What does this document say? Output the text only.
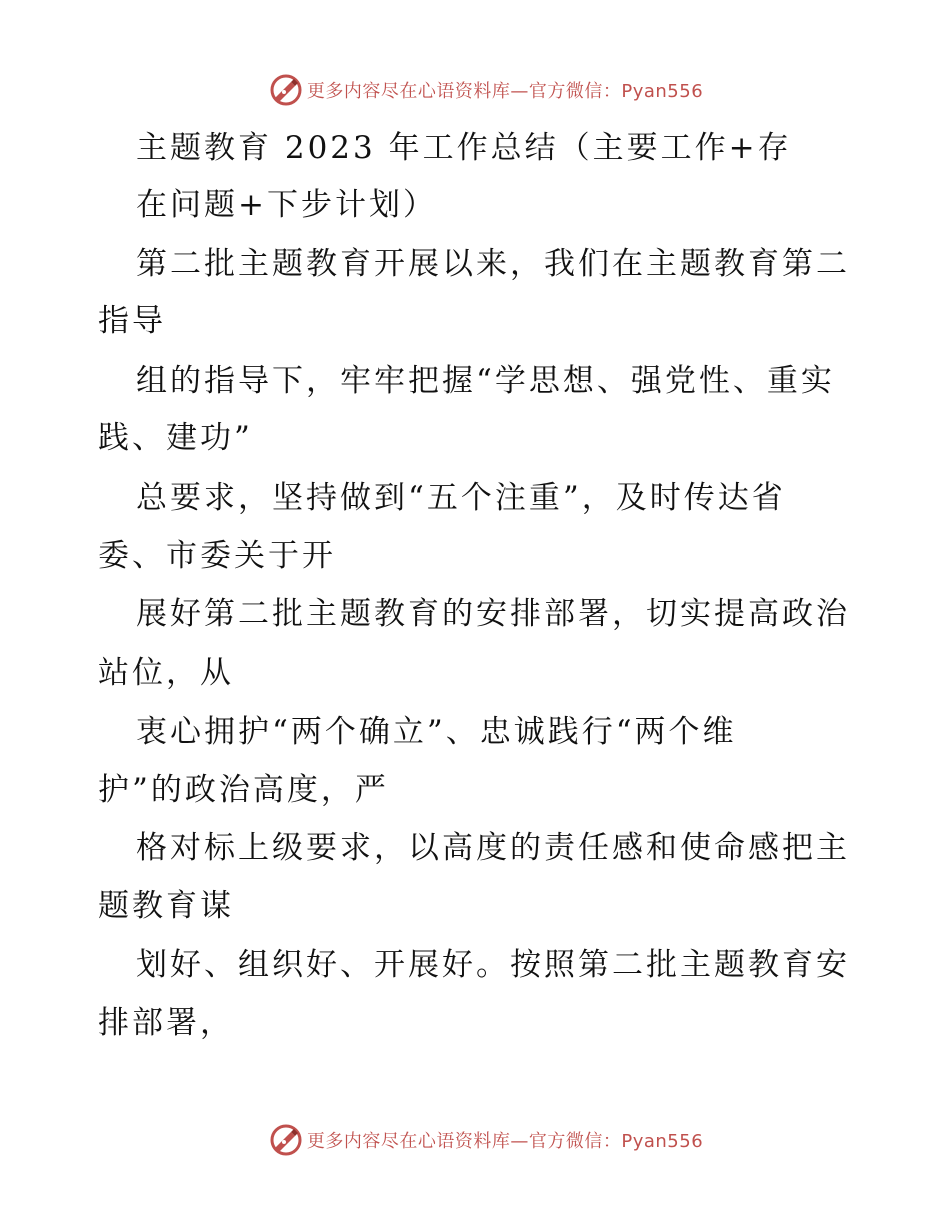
更多内容尽在心语资料库—官方微信：Pyan556
主题教育 2023 年工作总结（主要工作+存
在问题+下步计划）
第二批主题教育开展以来，我们在主题教育第二
指导
组的指导下，牢牢把握“学思想、强党性、重实
践、建功”
总要求，坚持做到“五个注重”，及时传达省
委、市委关于开
展好第二批主题教育的安排部署，切实提高政治
站位，从
衷心拥护“两个确立”、忠诚践行“两个维
护”的政治高度，严
格对标上级要求，以高度的责任感和使命感把主
题教育谋
划好、组织好、开展好。按照第二批主题教育安
排部署，
更多内容尽在心语资料库—官方微信：Pyan556
